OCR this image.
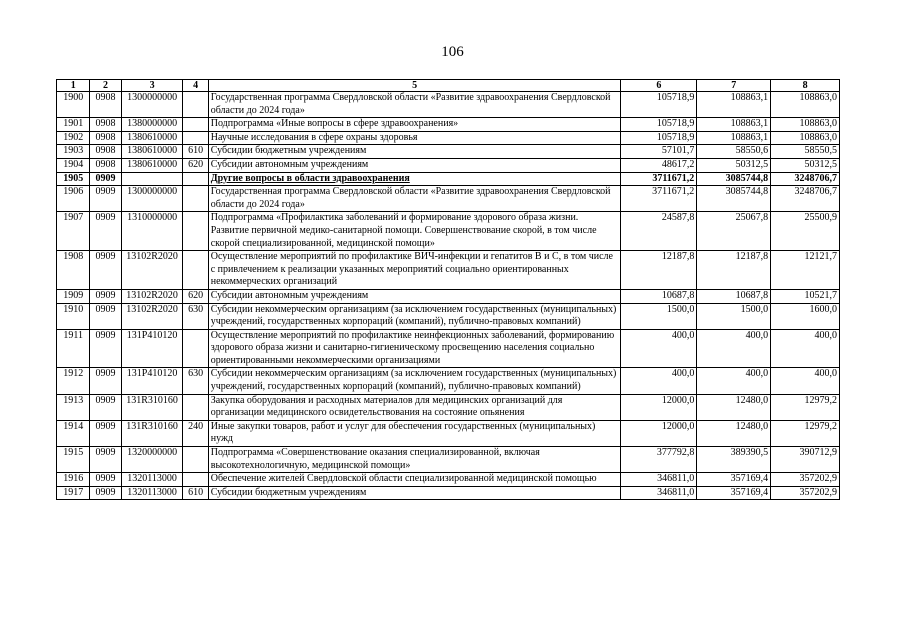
106
1	2	3	4	5	6	7	8
1900	0908	1300000000		Государственная программа Свердловской области «Развитие здравоохранения Свердловской области до 2024 года»	105718,9	108863,1	108863,0
1901	0908	1380000000		Подпрограмма «Иные вопросы в сфере здравоохранения»	105718,9	108863,1	108863,0
1902	0908	1380610000		Научные исследования в сфере охраны здоровья	105718,9	108863,1	108863,0
1903	0908	1380610000	610	Субсидии бюджетным учреждениям	57101,7	58550,6	58550,5
1904	0908	1380610000	620	Субсидии автономным учреждениям	48617,2	50312,5	50312,5
1905	0909			Другие вопросы в области здравоохранения	3711671,2	3085744,8	3248706,7
1906	0909	1300000000		Государственная программа Свердловской области «Развитие здравоохранения Свердловской области до 2024 года»	3711671,2	3085744,8	3248706,7
1907	0909	1310000000		Подпрограмма «Профилактика заболеваний и формирование здорового образа жизни. Развитие первичной медико-санитарной помощи. Совершенствование скорой, в том числе скорой специализированной, медицинской помощи»	24587,8	25067,8	25500,9
1908	0909	13102R2020		Осуществление мероприятий по профилактике ВИЧ-инфекции и гепатитов В и С, в том числе с привлечением к реализации указанных мероприятий социально ориентированных некоммерческих организаций	12187,8	12187,8	12121,7
1909	0909	13102R2020	620	Субсидии автономным учреждениям	10687,8	10687,8	10521,7
1910	0909	13102R2020	630	Субсидии некоммерческим организациям (за исключением государственных (муниципальных) учреждений, государственных корпораций (компаний), публично-правовых компаний)	1500,0	1500,0	1600,0
1911	0909	131P410120		Осуществление мероприятий по профилактике неинфекционных заболеваний, формированию здорового образа жизни и санитарно-гигиеническому просвещению населения социально ориентированными некоммерческими организациями	400,0	400,0	400,0
1912	0909	131P410120	630	Субсидии некоммерческим организациям (за исключением государственных (муниципальных) учреждений, государственных корпораций (компаний), публично-правовых компаний)	400,0	400,0	400,0
1913	0909	131R310160		Закупка оборудования и расходных материалов для медицинских организаций для организации медицинского освидетельствования на состояние опьянения	12000,0	12480,0	12979,2
1914	0909	131R310160	240	Иные закупки товаров, работ и услуг для обеспечения государственных (муниципальных) нужд	12000,0	12480,0	12979,2
1915	0909	1320000000		Подпрограмма «Совершенствование оказания специализированной, включая высокотехнологичную, медицинской помощи»	377792,8	389390,5	390712,9
1916	0909	1320113000		Обеспечение жителей Свердловской области специализированной медицинской помощью	346811,0	357169,4	357202,9
1917	0909	1320113000	610	Субсидии бюджетным учреждениям	346811,0	357169,4	357202,9
